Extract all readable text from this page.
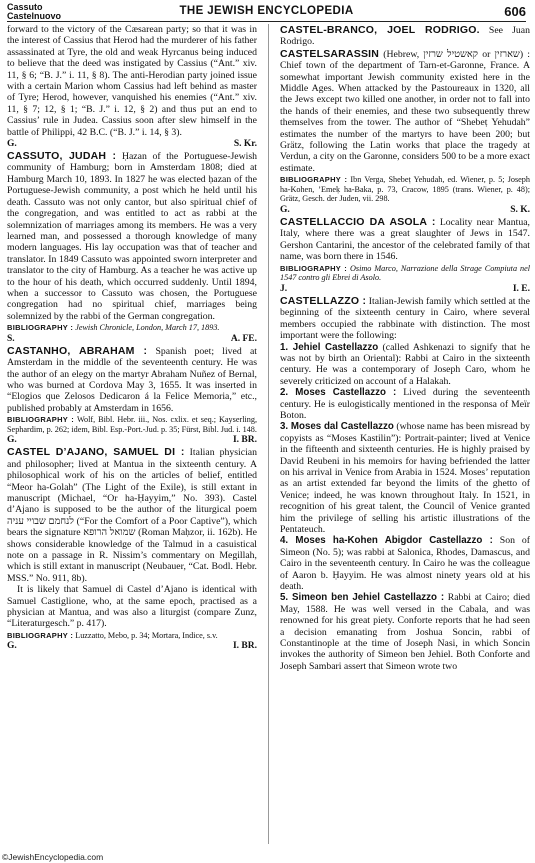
Cassuto
Castelnuovo	THE JEWISH ENCYCLOPEDIA	606

forward to the victory of the Cæsarean party; so that it was in the interest of Cassius that Herod had the murderer of his father assassinated at Tyre, the old and weak Hyrcanus being induced to believe that the deed was instigated by Cassius (“Ant.” xiv. 11, § 6; “B. J.” i. 11, § 8). The anti-Herodian party joined issue with a certain Marion whom Cassius had left behind as master of Tyre; Herod, however, vanquished his enemies (“Ant.” xiv. 11, § 7; 12, § 1; “B. J.” i. 12, § 2) and thus put an end to Cassius’ rule in Judea. Cassius soon after slew himself in the battle of Philippi, 42 B.C. (“B. J.” i. 14, § 3).

G.	S. Kr.

CASSUTO, JUDAH : Ḥazan of the Portuguese-Jewish community of Hamburg; born in Amsterdam 1808; died at Hamburg March 10, 1893. In 1827 he was elected ḥazan of the Portuguese-Jewish community, a post which he held until his death. Cassuto was not only cantor, but also spiritual chief of the congregation, and was entitled to act as rabbi at the solemnization of marriages among its members. He was a very learned man, and possessed a thorough knowledge of many modern languages. His lay occupation was that of teacher and translator. In 1849 Cassuto was appointed sworn interpreter and translator to the city of Hamburg. As a teacher he was active up to the hour of his death, which occurred suddenly. Until 1894, when a successor to Cassuto was chosen, the Portuguese congregation had no spiritual chief, marriages being solemnized by the rabbi of the German congregation.

BIBLIOGRAPHY : Jewish Chronicle, London, March 17, 1893.

S.	A. FE.

CASTANHO, ABRAHAM : Spanish poet; lived at Amsterdam in the middle of the seventeenth century. He was the author of an elegy on the martyr Abraham Nuñez of Bernal, who was burned at Cordova May 3, 1655. It was inserted in “Elogios que Zelosos Dedicaron á la Felice Memoria,” etc., published probably at Amsterdam in 1656.

BIBLIOGRAPHY : Wolf, Bibl. Hebr. iii., Nos. cxlix. et seq.; Kayserling, Sephardim, p. 262; idem, Bibl. Esp.-Port.-Jud. p. 35; Fürst, Bibl. Jud. i. 148.

G.	I. BR.

CASTEL D’AJANO, SAMUEL DI : Italian physician and philosopher; lived at Mantua in the sixteenth century. A philosophical work of his on the articles of belief, entitled “Meor ha-Golah” (The Light of the Exile), is still extant in manuscript (Michael, “Or ha-Ḥayyim,” No. 393). Castel d’Ajano is supposed to be the author of the liturgical poem לנחמם שבויי עניה (“For the Comfort of a Poor Captive”), which bears the signature שמואל הרופא (Roman Maḥzor, ii. 162b). He shows considerable knowledge of the Talmud in a casuistical note on a passage in R. Nissim’s commentary on Megillah, which is still extant in manuscript (Neubauer, “Cat. Bodl. Hebr. MSS.” No. 911, 8b).

It is likely that Samuel di Castel d’Ajano is identical with Samuel Castiglione, who, at the same epoch, practised as a physician at Mantua, and was also a liturgist (compare Zunz, “Literaturgesch.” p. 417).

BIBLIOGRAPHY : Luzzatto, Mebo, p. 34; Mortara, Indice, s.v.

G.	I. BR.

CASTEL-BRANCO, JOEL RODRIGO. See Juan Rodrigo.

CASTELSARASSIN (Hebrew, קאשטיל שרזין or שארזין) : Chief town of the department of Tarn-et-Garonne, France. A somewhat important Jewish community existed here in the Middle Ages. When attacked by the Pastoureaux in 1320, all the Jews except two killed one another, in order not to fall into the hands of their enemies, and these two subsequently threw themselves from the tower. The author of “Shebeṭ Yehudah” estimates the number of the martyrs to have been 200; but Grätz, following the Latin works that place the tragedy at Verdun, a city on the Garonne, considers 500 to be a more exact estimate.

BIBLIOGRAPHY : Ibn Verga, Shebeṭ Yehudah, ed. Wiener, p. 5; Joseph ha-Kohen, ’Emeḳ ha-Baka, p. 73, Cracow, 1895 (trans. Wiener, p. 48); Grätz, Gesch. der Juden, vii. 298.

G.	S. K.

CASTELLACCIO DA ASOLA : Locality near Mantua, Italy, where there was a great slaughter of Jews in 1547. Gershon Cantarini, the ancestor of the celebrated family of that name, was born there in 1546.

BIBLIOGRAPHY : Osimo Marco, Narrazione della Strage Compiuta nel 1547 contro gli Ebrei di Asolo.

J.	I. E.

CASTELLAZZO : Italian-Jewish family which settled at the beginning of the sixteenth century in Cairo, where several members occupied the rabbinate with distinction. The most important were the following:

1. Jehiel Castellazzo (called Ashkenazi to signify that he was not by birth an Oriental): Rabbi at Cairo in the sixteenth century. He was a contemporary of Joseph Caro, whom he severely criticized on account of a Halakah.

2. Moses Castellazzo : Lived during the seventeenth century. He is eulogistically mentioned in the responsa of Meïr Boton.

3. Moses dal Castellazzo (whose name has been misread by copyists as “Moses Kastilin”): Portrait-painter; lived at Venice in the fifteenth and sixteenth centuries. He is highly praised by David Reubeni in his memoirs for having befriended the latter on his arrival in Venice from Arabia in 1524. Moses’ reputation as an artist extended far beyond the limits of the ghetto of Venice; indeed, he was known throughout Italy. In 1521, in recognition of his great talent, the Council of Venice granted him the privilege of selling his artistic illustrations of the Pentateuch.

4. Moses ha-Kohen Abigdor Castellazzo : Son of Simeon (No. 5); was rabbi at Salonica, Rhodes, Damascus, and Cairo in the seventeenth century. In Cairo he was the colleague of Aaron b. Ḥayyim. He was almost ninety years old at his death.

5. Simeon ben Jehiel Castellazzo : Rabbi at Cairo; died May, 1588. He was well versed in the Cabala, and was renowned for his great piety. Conforte reports that he had seen a decision emanating from Joshua Soncin, rabbi of Constantinople at the time of Joseph Nasi, in which Soncin invokes the authority of Simeon ben Jehiel. Both Conforte and Joseph Sambari assert that Simeon wrote two

©JewishEncyclopedia.com
